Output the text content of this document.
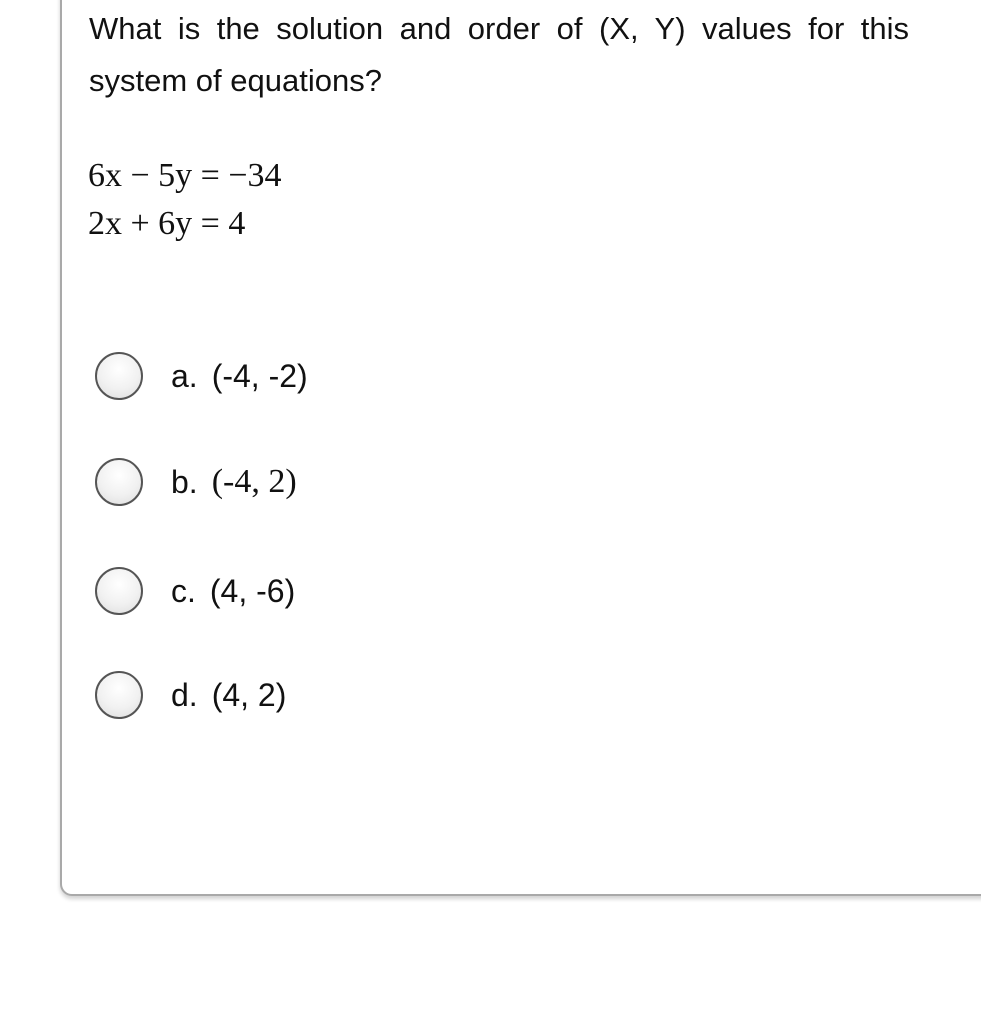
What is the solution and order of (X, Y) values for this system of equations?

6x − 5y = −34
2x + 6y = 4
a. (-4, -2)
b. (-4, 2)
c. (4, -6)
d. (4, 2)
